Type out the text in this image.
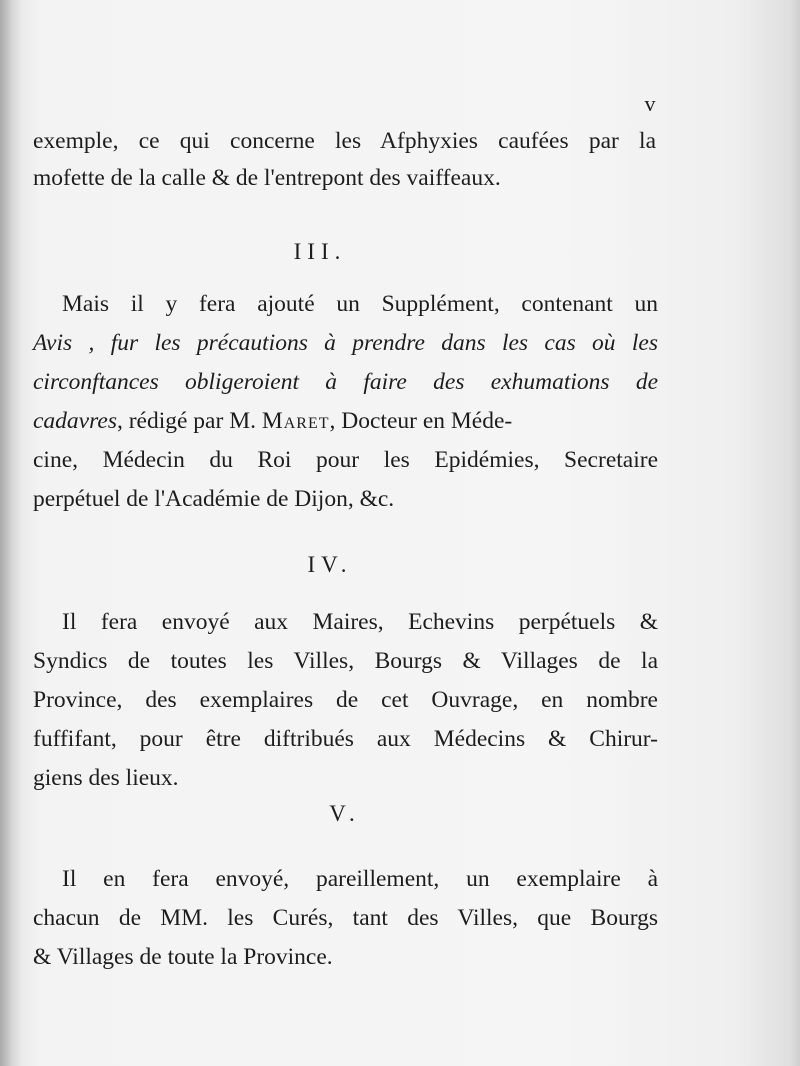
v
exemple, ce qui concerne les Afphyxies caufées par la
mofette de la calle & de l'entrepont des vaiffeaux.
III.
Mais il y fera ajouté un Supplément, contenant un
Avis , fur les précautions à prendre dans les cas où les
circonftances obligeroient à faire des exhumations de
cadavres, rédigé par M. Maret, Docteur en Méde-
cine, Médecin du Roi pour les Epidémies, Secretaire
perpétuel de l'Académie de Dijon, &c.
IV.
Il fera envoyé aux Maires, Echevins perpétuels &
Syndics de toutes les Villes, Bourgs & Villages de la
Province, des exemplaires de cet Ouvrage, en nombre
fuffifant, pour être diftribués aux Médecins & Chirur-
giens des lieux.
V.
Il en fera envoyé, pareillement, un exemplaire à
chacun de MM. les Curés, tant des Villes, que Bourgs
& Villages de toute la Province.
